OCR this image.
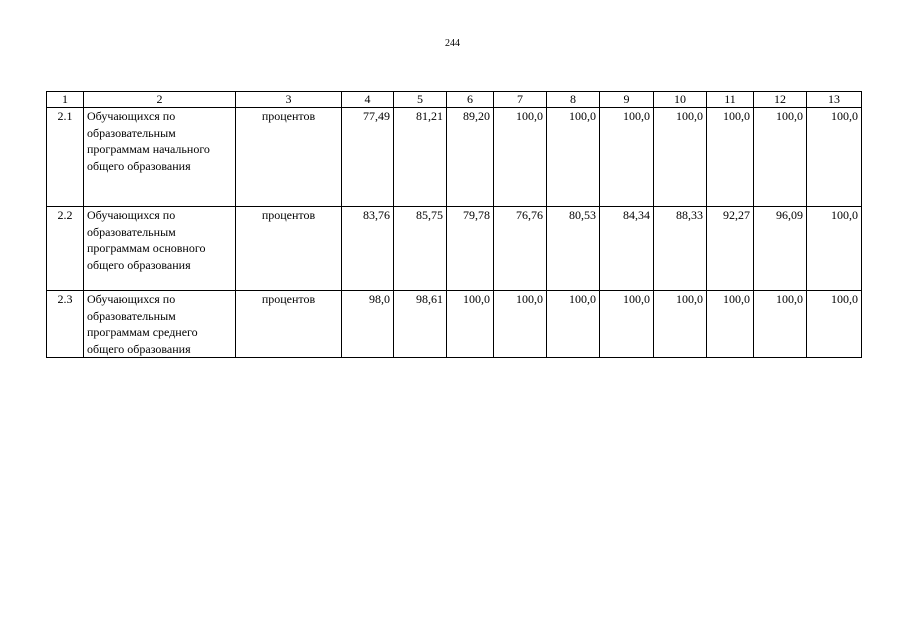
244
1	2	3	4	5	6	7	8	9	10	11	12	13
2.1	Обучающихся по образовательным программам начального общего образования	процентов	77,49	81,21	89,20	100,0	100,0	100,0	100,0	100,0	100,0	100,0
2.2	Обучающихся по образовательным программам основного общего образования	процентов	83,76	85,75	79,78	76,76	80,53	84,34	88,33	92,27	96,09	100,0
2.3	Обучающихся по образовательным программам среднего общего образования	процентов	98,0	98,61	100,0	100,0	100,0	100,0	100,0	100,0	100,0	100,0
